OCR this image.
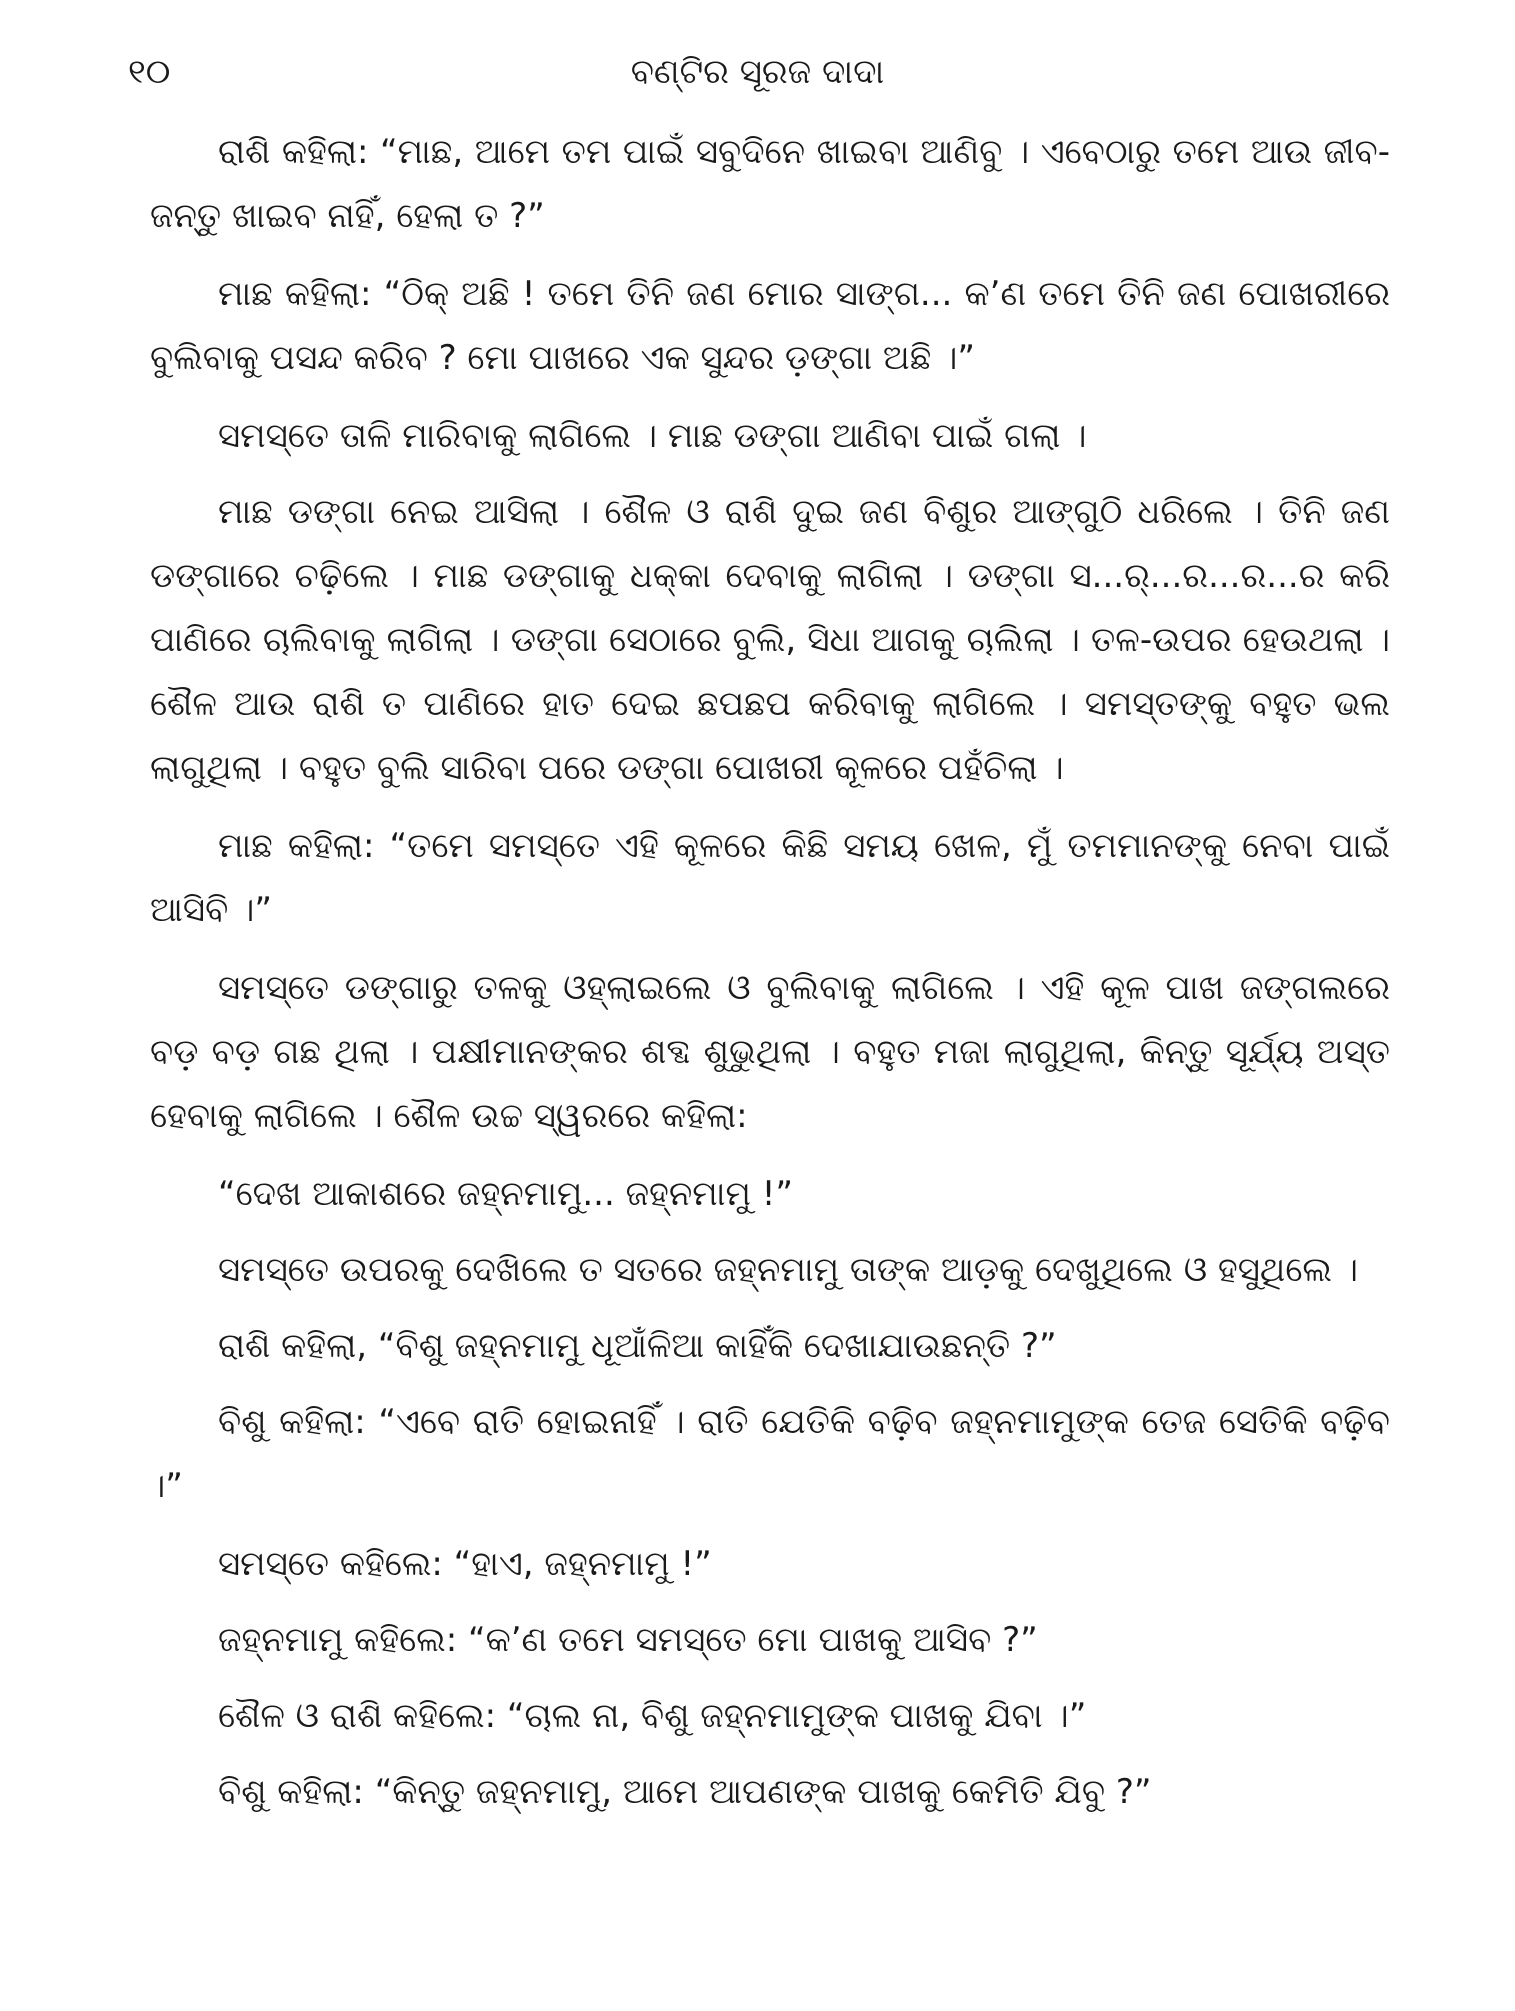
୧୦	ବଣ୍ଟିର ସୂରଜ ଦାଦା

ରାଶି କହିଲା: “ମାଛ, ଆମେ ତମ ପାଇଁ ସବୁଦିନେ ଖାଇବା ଆଣିବୁ । ଏବେଠାରୁ ତମେ ଆଉ ଜୀବ-ଜନ୍ତୁ ଖାଇବ ନାହିଁ, ହେଲା ତ ?”

ମାଛ କହିଲା: “ଠିକ୍ ଅଛି ! ତମେ ତିନି ଜଣ ମୋର ସାଙ୍ଗ... କ’ଣ ତମେ ତିନି ଜଣ ପୋଖରୀରେ ବୁଲିବାକୁ ପସନ୍ଦ କରିବ ? ମୋ ପାଖରେ ଏକ ସୁନ୍ଦର ଡ଼ଙ୍ଗା ଅଛି ।”

ସମସ୍ତେ ତାଳି ମାରିବାକୁ ଲାଗିଲେ । ମାଛ ଡଙ୍ଗା ଆଣିବା ପାଇଁ ଗଲା ।

ମାଛ ଡଙ୍ଗା ନେଇ ଆସିଲା । ଶୈଳ ଓ ରାଶି ଦୁଇ ଜଣ ବିଶୁର ଆଙ୍ଗୁଠି ଧରିଲେ । ତିନି ଜଣ ଡଙ୍ଗାରେ ଚଢ଼ିଲେ । ମାଛ ଡଙ୍ଗାକୁ ଧକ୍କା ଦେବାକୁ ଲାଗିଲା । ଡଙ୍ଗା ସ...ର୍...ର...ର...ର କରି ପାଣିରେ ଚାଲିବାକୁ ଲାଗିଲା । ଡଙ୍ଗା ସେଠାରେ ବୁଲି, ସିଧା ଆଗକୁ ଚାଲିଲା । ତଳ-ଉପର ହେଉଥଲା । ଶୈଳ ଆଉ ରାଶି ତ ପାଣିରେ ହାତ ଦେଇ ଛପଛପ କରିବାକୁ ଲାଗିଲେ । ସମସ୍ତଙ୍କୁ ବହୁତ ଭଲ ଲାଗୁଥିଲା । ବହୁତ ବୁଲି ସାରିବା ପରେ ଡଙ୍ଗା ପୋଖରୀ କୂଳରେ ପହଁଚିଲା ।

ମାଛ କହିଲା: “ତମେ ସମସ୍ତେ ଏହି କୂଳରେ କିଛି ସମୟ ଖେଳ, ମୁଁ ତମମାନଙ୍କୁ ନେବା ପାଇଁ ଆସିବି ।”

ସମସ୍ତେ ଡଙ୍ଗାରୁ ତଳକୁ ଓହ୍ଲାଇଲେ ଓ ବୁଲିବାକୁ ଲାଗିଲେ । ଏହି କୂଳ ପାଖ ଜଙ୍ଗଲରେ ବଡ଼ ବଡ଼ ଗଛ ଥିଲା । ପକ୍ଷୀମାନଙ୍କର ଶବ୍ଦ ଶୁଭୁଥିଲା । ବହୁତ ମଜା ଲାଗୁଥିଲା, କିନ୍ତୁ ସୂର୍ଯ୍ୟ ଅସ୍ତ ହେବାକୁ ଲାଗିଲେ । ଶୈଳ ଉଚ୍ଚ ସ୍ୱରରେ କହିଲା:

“ଦେଖ ଆକାଶରେ ଜହ୍ନମାମୁ... ଜହ୍ନମାମୁ !”

ସମସ୍ତେ ଉପରକୁ ଦେଖିଲେ ତ ସତରେ ଜହ୍ନମାମୁ ତାଙ୍କ ଆଡ଼କୁ ଦେଖୁଥିଲେ ଓ ହସୁଥିଲେ ।

ରାଶି କହିଲା, “ବିଶୁ ଜହ୍ନମାମୁ ଧୂଆଁଳିଆ କାହିଁକି ଦେଖାଯାଉଛନ୍ତି ?”

ବିଶୁ କହିଲା: “ଏବେ ରାତି ହୋଇନାହିଁ । ରାତି ଯେତିକି ବଢ଼ିବ ଜହ୍ନମାମୁଙ୍କ ତେଜ ସେତିକି ବଢ଼ିବ ।”

ସମସ୍ତେ କହିଲେ: “ହାଏ, ଜହ୍ନମାମୁ !”

ଜହ୍ନମାମୁ କହିଲେ: “କ’ଣ ତମେ ସମସ୍ତେ ମୋ ପାଖକୁ ଆସିବ ?”

ଶୈଳ ଓ ରାଶି କହିଲେ: “ଚାଲ ନା, ବିଶୁ ଜହ୍ନମାମୁଙ୍କ ପାଖକୁ ଯିବା ।”

ବିଶୁ କହିଲା: “କିନ୍ତୁ ଜହ୍ନମାମୁ, ଆମେ ଆପଣଙ୍କ ପାଖକୁ କେମିତି ଯିବୁ ?”
